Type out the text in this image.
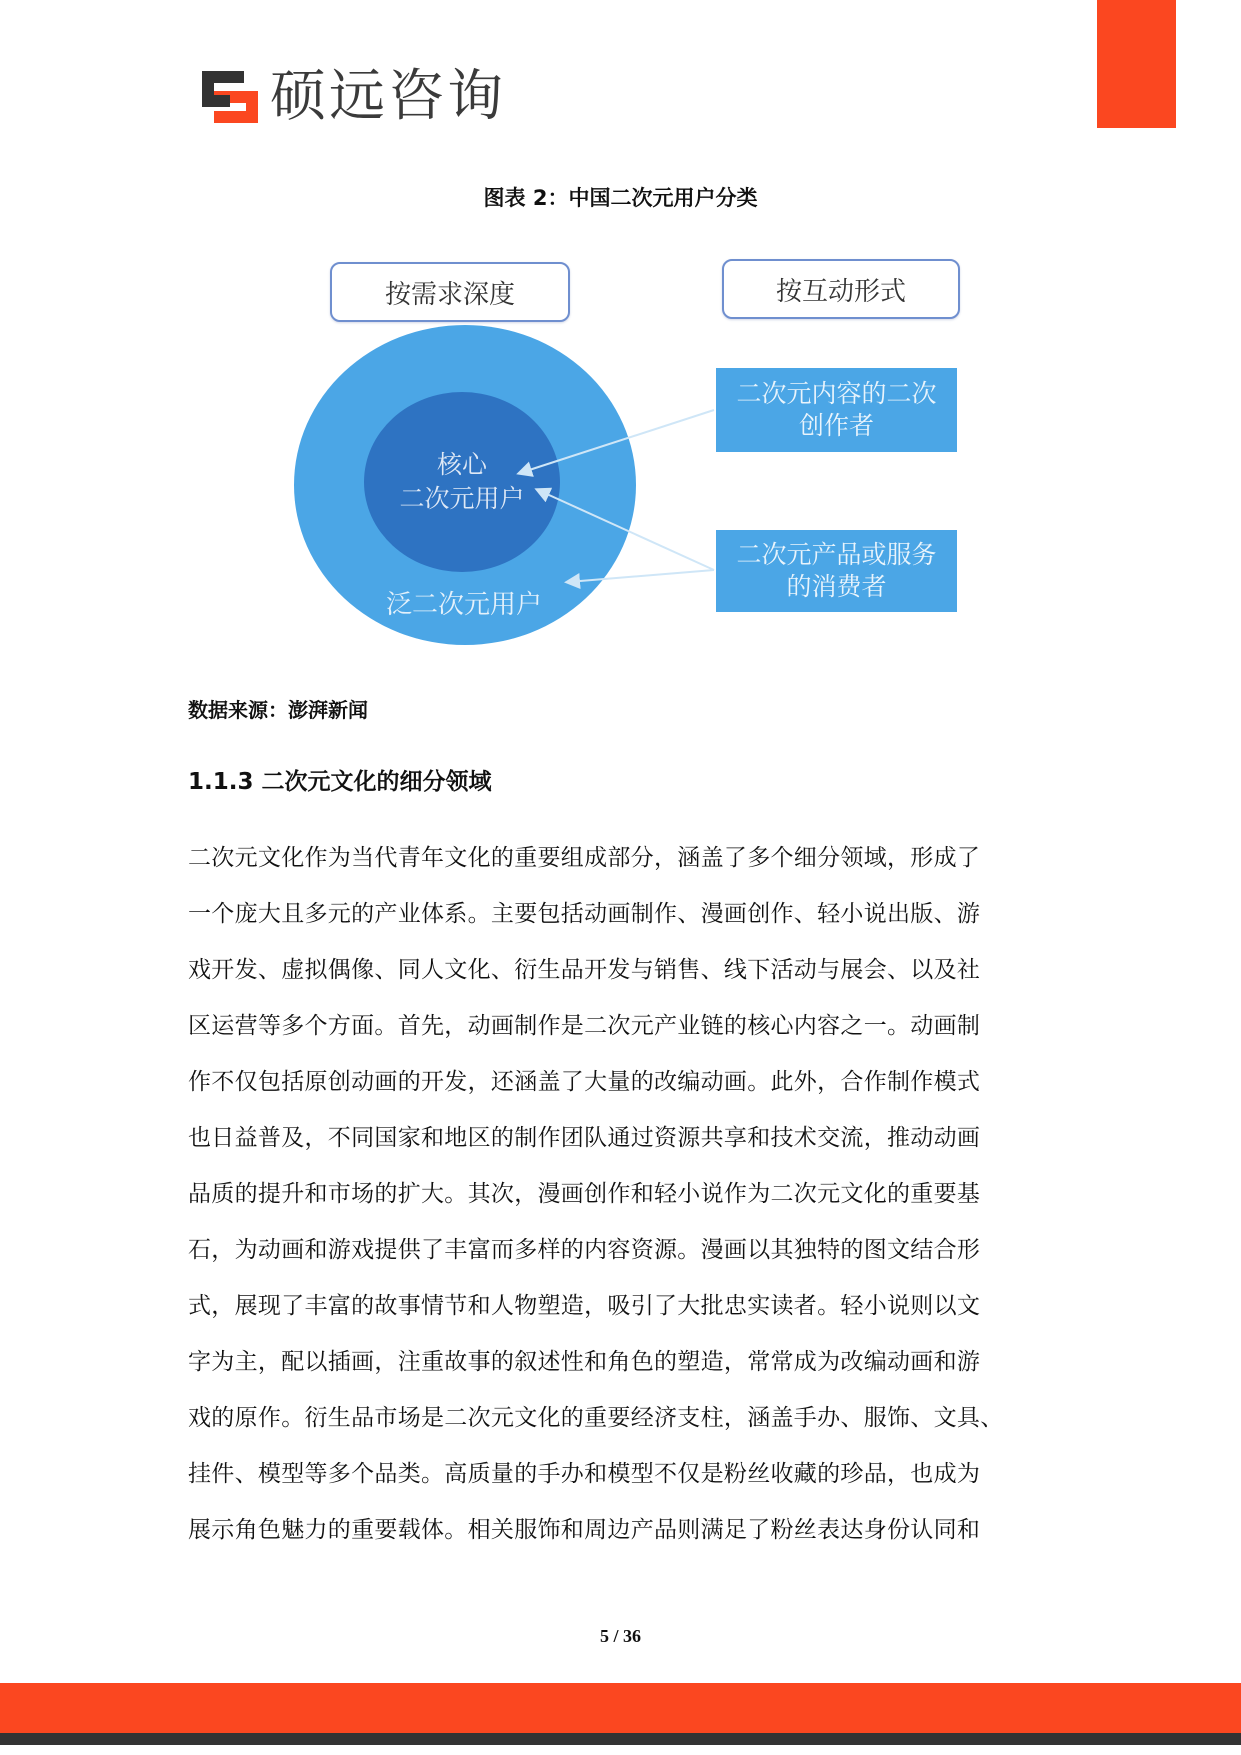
硕远咨询
图表 2：中国二次元用户分类
按需求深度	按互动形式
核心
二次元用户
泛二次元用户
二次元内容的二次
创作者
二次元产品或服务
的消费者
数据来源：澎湃新闻
1.1.3 二次元文化的细分领域
二次元文化作为当代青年文化的重要组成部分，涵盖了多个细分领域，形成了
一个庞大且多元的产业体系。主要包括动画制作、漫画创作、轻小说出版、游
戏开发、虚拟偶像、同人文化、衍生品开发与销售、线下活动与展会、以及社
区运营等多个方面。首先，动画制作是二次元产业链的核心内容之一。动画制
作不仅包括原创动画的开发，还涵盖了大量的改编动画。此外，合作制作模式
也日益普及，不同国家和地区的制作团队通过资源共享和技术交流，推动动画
品质的提升和市场的扩大。其次，漫画创作和轻小说作为二次元文化的重要基
石，为动画和游戏提供了丰富而多样的内容资源。漫画以其独特的图文结合形
式，展现了丰富的故事情节和人物塑造，吸引了大批忠实读者。轻小说则以文
字为主，配以插画，注重故事的叙述性和角色的塑造，常常成为改编动画和游
戏的原作。衍生品市场是二次元文化的重要经济支柱，涵盖手办、服饰、文具、
挂件、模型等多个品类。高质量的手办和模型不仅是粉丝收藏的珍品，也成为
展示角色魅力的重要载体。相关服饰和周边产品则满足了粉丝表达身份认同和
5 / 36
